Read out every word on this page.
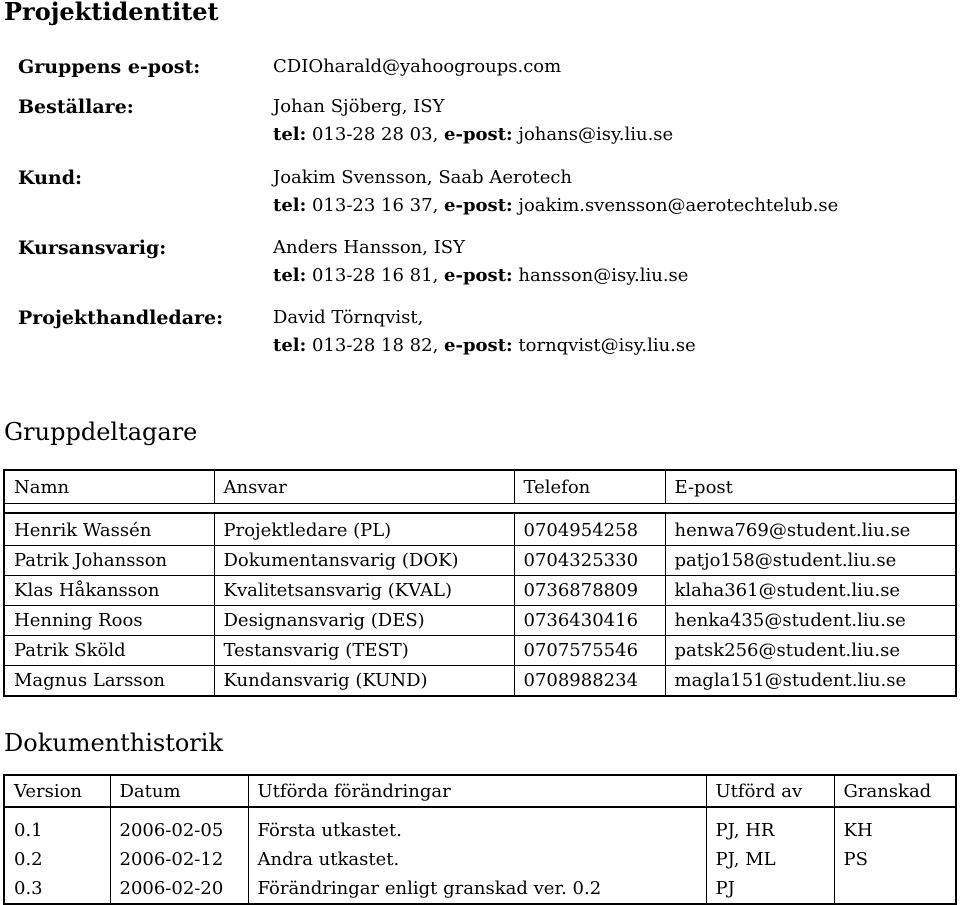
Projektidentitet
Gruppens e-post:	CDIOharald@yahoogroups.com
Beställare:	Johan Sjöberg, ISY
tel: 013-28 28 03, e-post: johans@isy.liu.se
Kund:	Joakim Svensson, Saab Aerotech
tel: 013-23 16 37, e-post: joakim.svensson@aerotechtelub.se
Kursansvarig:	Anders Hansson, ISY
tel: 013-28 16 81, e-post: hansson@isy.liu.se
Projekthandledare:	David Törnqvist,
tel: 013-28 18 82, e-post: tornqvist@isy.liu.se
Gruppdeltagare
Namn	Ansvar	Telefon	E-post

Henrik Wassén	Projektledare (PL)	0704954258	henwa769@student.liu.se
Patrik Johansson	Dokumentansvarig (DOK)	0704325330	patjo158@student.liu.se
Klas Håkansson	Kvalitetsansvarig (KVAL)	0736878809	klaha361@student.liu.se
Henning Roos	Designansvarig (DES)	0736430416	henka435@student.liu.se
Patrik Sköld	Testansvarig (TEST)	0707575546	patsk256@student.liu.se
Magnus Larsson	Kundansvarig (KUND)	0708988234	magla151@student.liu.se
Dokumenthistorik
Version	Datum	Utförda förändringar	Utförd av	Granskad
0.1	2006-02-05	Första utkastet.	PJ, HR	KH
0.2	2006-02-12	Andra utkastet.	PJ, ML	PS
0.3	2006-02-20	Förändringar enligt granskad ver. 0.2	PJ	
